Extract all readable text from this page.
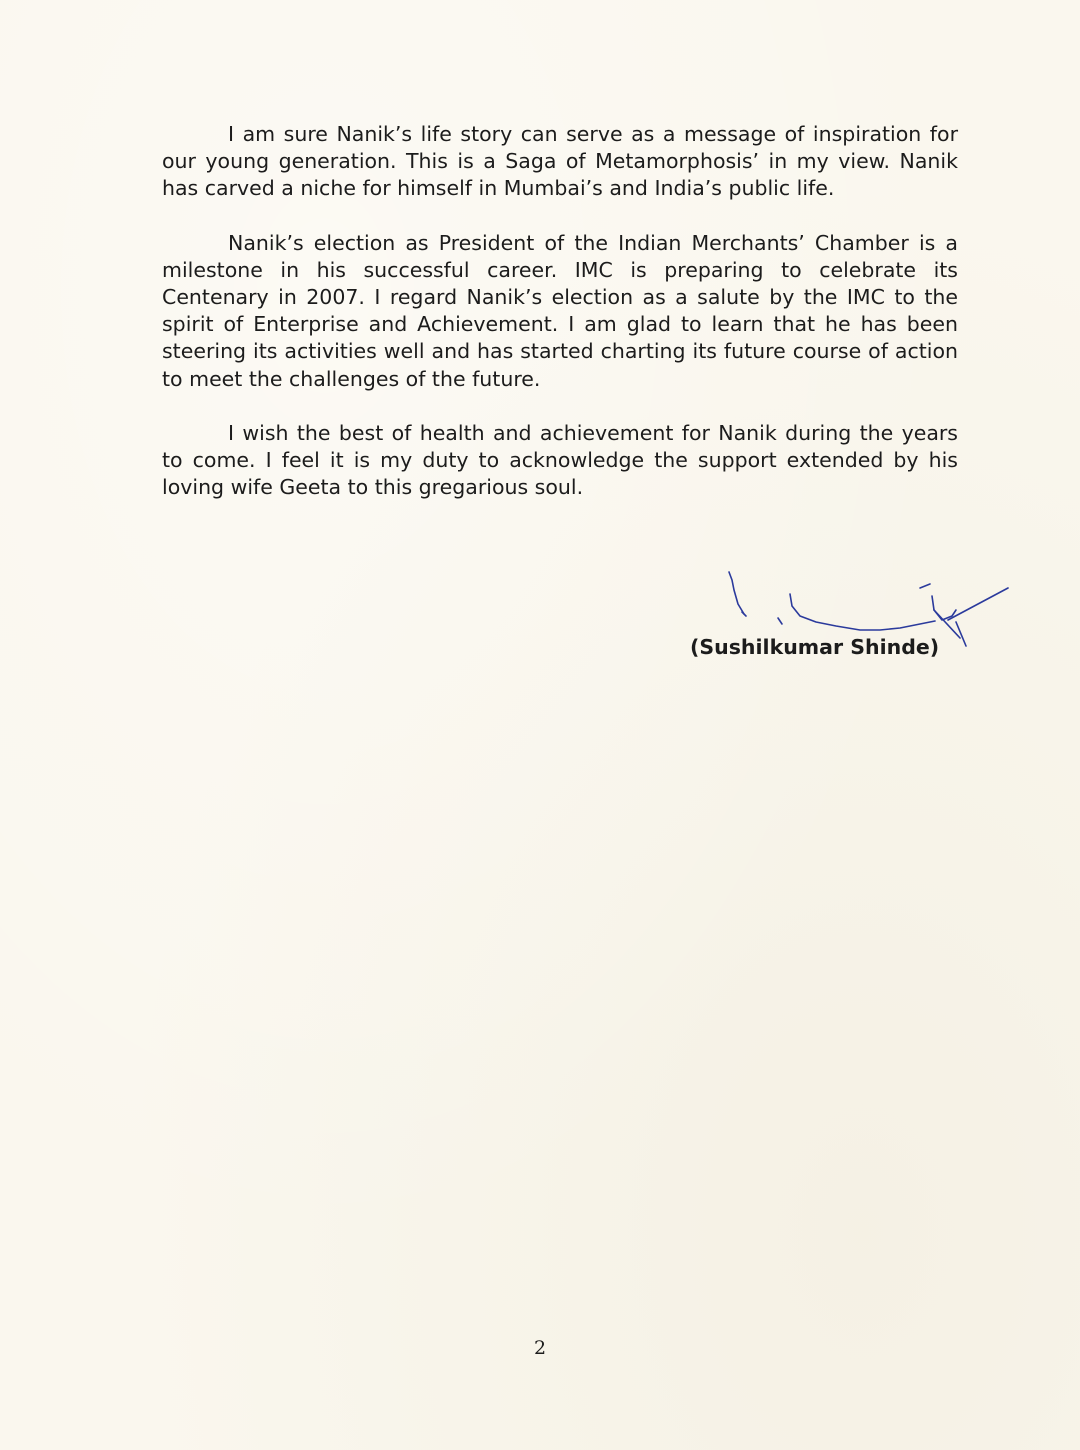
I am sure Nanik’s life story can serve as a message of inspiration for our young generation. This is a Saga of Metamorphosis’ in my view. Nanik has carved a niche for himself in Mumbai’s and India’s public life.

Nanik’s election as President of the Indian Merchants’ Chamber is a milestone in his successful career. IMC is preparing to celebrate its Centenary in 2007. I regard Nanik’s election as a salute by the IMC to the spirit of Enterprise and Achievement. I am glad to learn that he has been steering its activities well and has started charting its future course of action to meet the challenges of the future.

I wish the best of health and achievement for Nanik during the years to come. I feel it is my duty to acknowledge the support extended by his loving wife Geeta to this gregarious soul.

(Sushilkumar Shinde)
2
